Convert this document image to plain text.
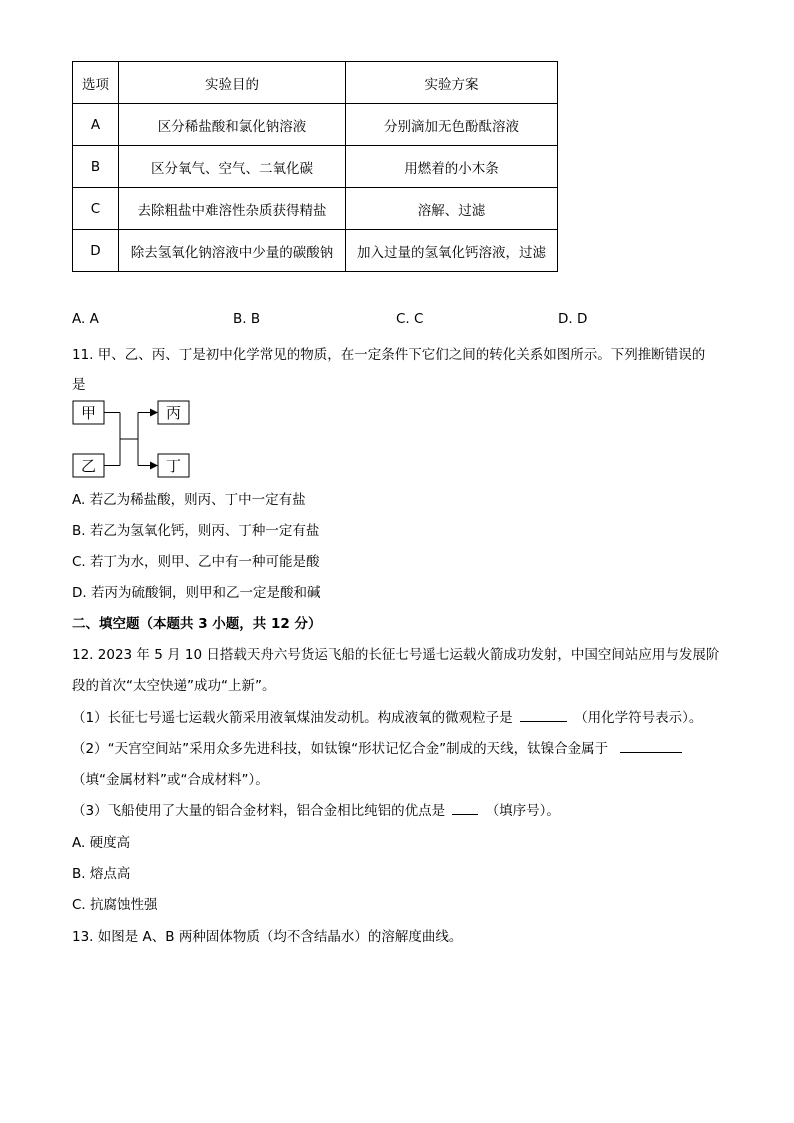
选项	实验目的	实验方案
A	区分稀盐酸和氯化钠溶液	分别滴加无色酚酞溶液
B	区分氧气、空气、二氧化碳	用燃着的小木条
C	去除粗盐中难溶性杂质获得精盐	溶解、过滤
D	除去氢氧化钠溶液中少量的碳酸钠	加入过量的氢氧化钙溶液，过滤
A. A	B. B	C. C	D. D
11. 甲、乙、丙、丁是初中化学常见的物质，在一定条件下它们之间的转化关系如图所示。下列推断错误的
是
甲
乙
丙
丁
A. 若乙为稀盐酸，则丙、丁中一定有盐
B. 若乙为氢氧化钙，则丙、丁种一定有盐
C. 若丁为水，则甲、乙中有一种可能是酸
D. 若丙为硫酸铜，则甲和乙一定是酸和碱
二、填空题（本题共 3 小题，共 12 分）
12. 2023 年 5 月 10 日搭载天舟六号货运飞船的长征七号遥七运载火箭成功发射，中国空间站应用与发展阶
段的首次“太空快递”成功“上新”。
（1）长征七号遥七运载火箭采用液氧煤油发动机。构成液氧的微观粒子是	（用化学符号表示）。
（2）“天宫空间站”采用众多先进科技，如钛镍“形状记忆合金”制成的天线，钛镍合金属于
（填“金属材料”或“合成材料”）。
（3）飞船使用了大量的铝合金材料，铝合金相比纯铝的优点是	（填序号）。
A. 硬度高
B. 熔点高
C. 抗腐蚀性强
13. 如图是 A、B 两种固体物质（均不含结晶水）的溶解度曲线。
